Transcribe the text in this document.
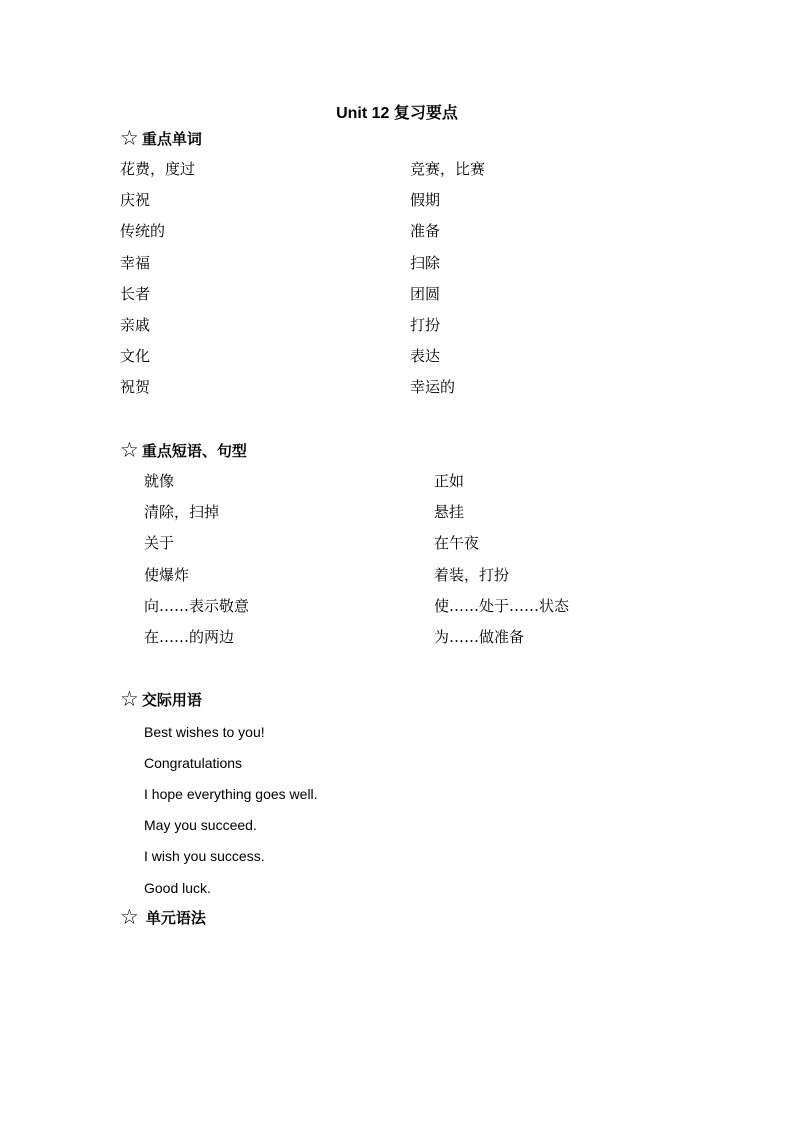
Unit 12 复习要点
☆ 重点单词
花费，度过	竞赛，比赛
庆祝	假期
传统的	准备
幸福	扫除
长者	团圆
亲戚	打扮
文化	表达
祝贺	幸运的
☆ 重点短语、句型
就像	正如
清除，扫掉	悬挂
关于	在午夜
使爆炸	着装，打扮
向……表示敬意	使……处于……状态
在……的两边	为……做准备
☆ 交际用语
Best wishes to you!
Congratulations
I hope everything goes well.
May you succeed.
I wish you success.
Good luck.
☆ 单元语法
